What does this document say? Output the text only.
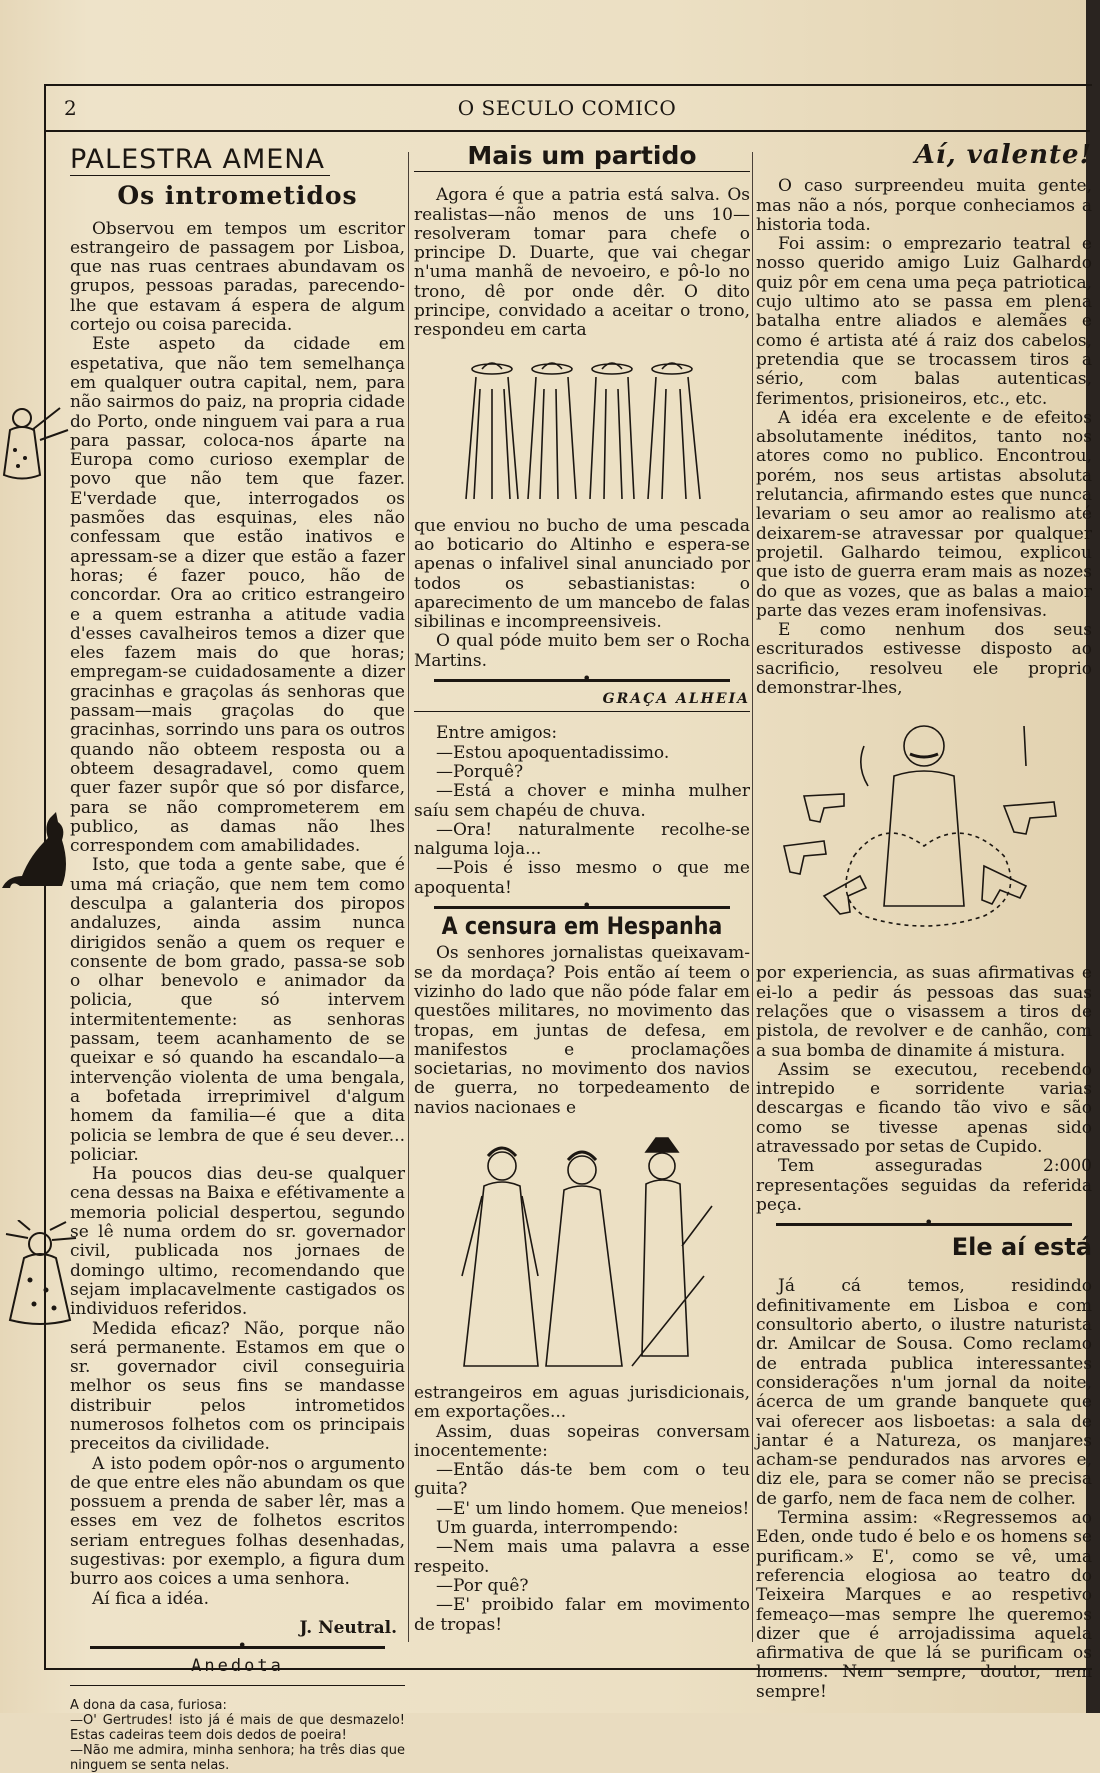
2	O SECULO COMICO
PALESTRA AMENA
Os intrometidos

Observou em tempos um escritor estrangeiro de passagem por Lisboa, que nas ruas centraes abundavam os grupos, pessoas paradas, parecendo-lhe que estavam á espera de algum cortejo ou coisa parecida.

Este aspeto da cidade em espetativa, que não tem semelhança em qualquer outra capital, nem, para não sairmos do paiz, na propria cidade do Porto, onde ninguem vai para a rua para passar, coloca-nos áparte na Europa como curioso exemplar de povo que não tem que fazer. E'verdade que, interrogados os pasmões das esquinas, eles não confessam que estão inativos e apressam-se a dizer que estão a fazer horas; é fazer pouco, hão de concordar. Ora ao critico estrangeiro e a quem estranha a atitude vadia d'esses cavalheiros temos a dizer que eles fazem mais do que horas; empregam-se cuidadosamente a dizer gracinhas e graçolas ás senhoras que passam—mais graçolas do que gracinhas, sorrindo uns para os outros quando não obteem resposta ou a obteem desagradavel, como quem quer fazer supôr que só por disfarce, para se não comprometerem em publico, as damas não lhes correspondem com amabilidades.

Isto, que toda a gente sabe, que é uma má criação, que nem tem como desculpa a galanteria dos piropos andaluzes, ainda assim nunca dirigidos senão a quem os requer e consente de bom grado, passa-se sob o olhar benevolo e animador da policia, que só intervem intermitentemente: as senhoras passam, teem acanhamento de se queixar e só quando ha escandalo—a intervenção violenta de uma bengala, a bofetada irreprimivel d'algum homem da familia—é que a dita policia se lembra de que é seu dever... policiar.

Ha poucos dias deu-se qualquer cena dessas na Baixa e efétivamente a memoria policial despertou, segundo se lê numa ordem do sr. governador civil, publicada nos jornaes de domingo ultimo, recomendando que sejam implacavelmente castigados os individuos referidos.

Medida eficaz? Não, porque não será permanente. Estamos em que o sr. governador civil conseguiria melhor os seus fins se mandasse distribuir pelos intrometidos numerosos folhetos com os principais preceitos da civilidade.

A isto podem opôr-nos o argumento de que entre eles não abundam os que possuem a prenda de saber lêr, mas a esses em vez de folhetos escritos seriam entregues folhas desenhadas, sugestivas: por exemplo, a figura dum burro aos coices a uma senhora.

Aí fica a idéa.

J. Neutral.
•
Anedota

A dona da casa, furiosa:

—O' Gertrudes! isto já é mais de que desmazelo! Estas cadeiras teem dois dedos de poeira!

—Não me admira, minha senhora; ha três dias que ninguem se senta nelas.

Mais um partido

Agora é que a patria está salva. Os realistas—não menos de uns 10—resolveram tomar para chefe o principe D. Duarte, que vai chegar n'uma manhã de nevoeiro, e pô-lo no trono, dê por onde dêr. O dito principe, convidado a aceitar o trono, respondeu em carta

que enviou no bucho de uma pescada ao boticario do Altinho e espera-se apenas o infalivel sinal anunciado por todos os sebastianistas: o aparecimento de um mancebo de falas sibilinas e incompreensiveis.

O qual póde muito bem ser o Rocha Martins.

•
GRAÇA ALHEIA

Entre amigos:

—Estou apoquentadissimo.

—Porquê?

—Está a chover e minha mulher saíu sem chapéu de chuva.

—Ora! naturalmente recolhe-se nalguma loja...

—Pois é isso mesmo o que me apoquenta!

•
A censura em Hespanha

Os senhores jornalistas queixavam-se da mordaça? Pois então aí teem o vizinho do lado que não póde falar em questões militares, no movimento das tropas, em juntas de defesa, em manifestos e proclamações societarias, no movimento dos navios de guerra, no torpedeamento de navios nacionaes e

estrangeiros em aguas jurisdicionais, em exportações...

Assim, duas sopeiras conversam inocentemente:

—Então dás-te bem com o teu guita?

—E' um lindo homem. Que meneios!

Um guarda, interrompendo:

—Nem mais uma palavra a esse respeito.

—Por quê?

—E' proibido falar em movimento de tropas!

Aí, valente!

O caso surpreendeu muita gente, mas não a nós, porque conheciamos a historia toda.

Foi assim: o emprezario teatral e nosso querido amigo Luiz Galhardo quiz pôr em cena uma peça patriotica, cujo ultimo ato se passa em plena batalha entre aliados e alemães e como é artista até á raiz dos cabelos, pretendia que se trocassem tiros a sério, com balas autenticas, ferimentos, prisioneiros, etc., etc.

A idéa era excelente e de efeitos absolutamente inéditos, tanto nos atores como no publico. Encontrou, porém, nos seus artistas absoluta relutancia, afirmando estes que nunca levariam o seu amor ao realismo até deixarem-se atravessar por qualquer projetil. Galhardo teimou, explicou que isto de guerra eram mais as nozes do que as vozes, que as balas a maior parte das vezes eram inofensivas.

E como nenhum dos seus escriturados estivesse disposto ao sacrificio, resolveu ele proprio demonstrar-lhes,

por experiencia, as suas afirmativas e ei-lo a pedir ás pessoas das suas relações que o visassem a tiros de pistola, de revolver e de canhão, com a sua bomba de dinamite á mistura.

Assim se executou, recebendo intrepido e sorridente varias descargas e ficando tão vivo e são como se tivesse apenas sido atravessado por setas de Cupido.

Tem asseguradas 2:000 representações seguidas da referida peça.

•
Ele aí está

Já cá temos, residindo definitivamente em Lisboa e com consultorio aberto, o ilustre naturista dr. Amilcar de Sousa. Como reclamo de entrada publica interessantes considerações n'um jornal da noite, ácerca de um grande banquete que vai oferecer aos lisboetas: a sala de jantar é a Natureza, os manjares acham-se pendurados nas arvores e, diz ele, para se comer não se precisa de garfo, nem de faca nem de colher.

Termina assim: «Regressemos ao Eden, onde tudo é belo e os homens se purificam.» E', como se vê, uma referencia elogiosa ao teatro do Teixeira Marques e ao respetivo femeaço—mas sempre lhe queremos dizer que é arrojadissima aquela afirmativa de que lá se purificam os homens. Nem sempre, doutor, nem sempre!
